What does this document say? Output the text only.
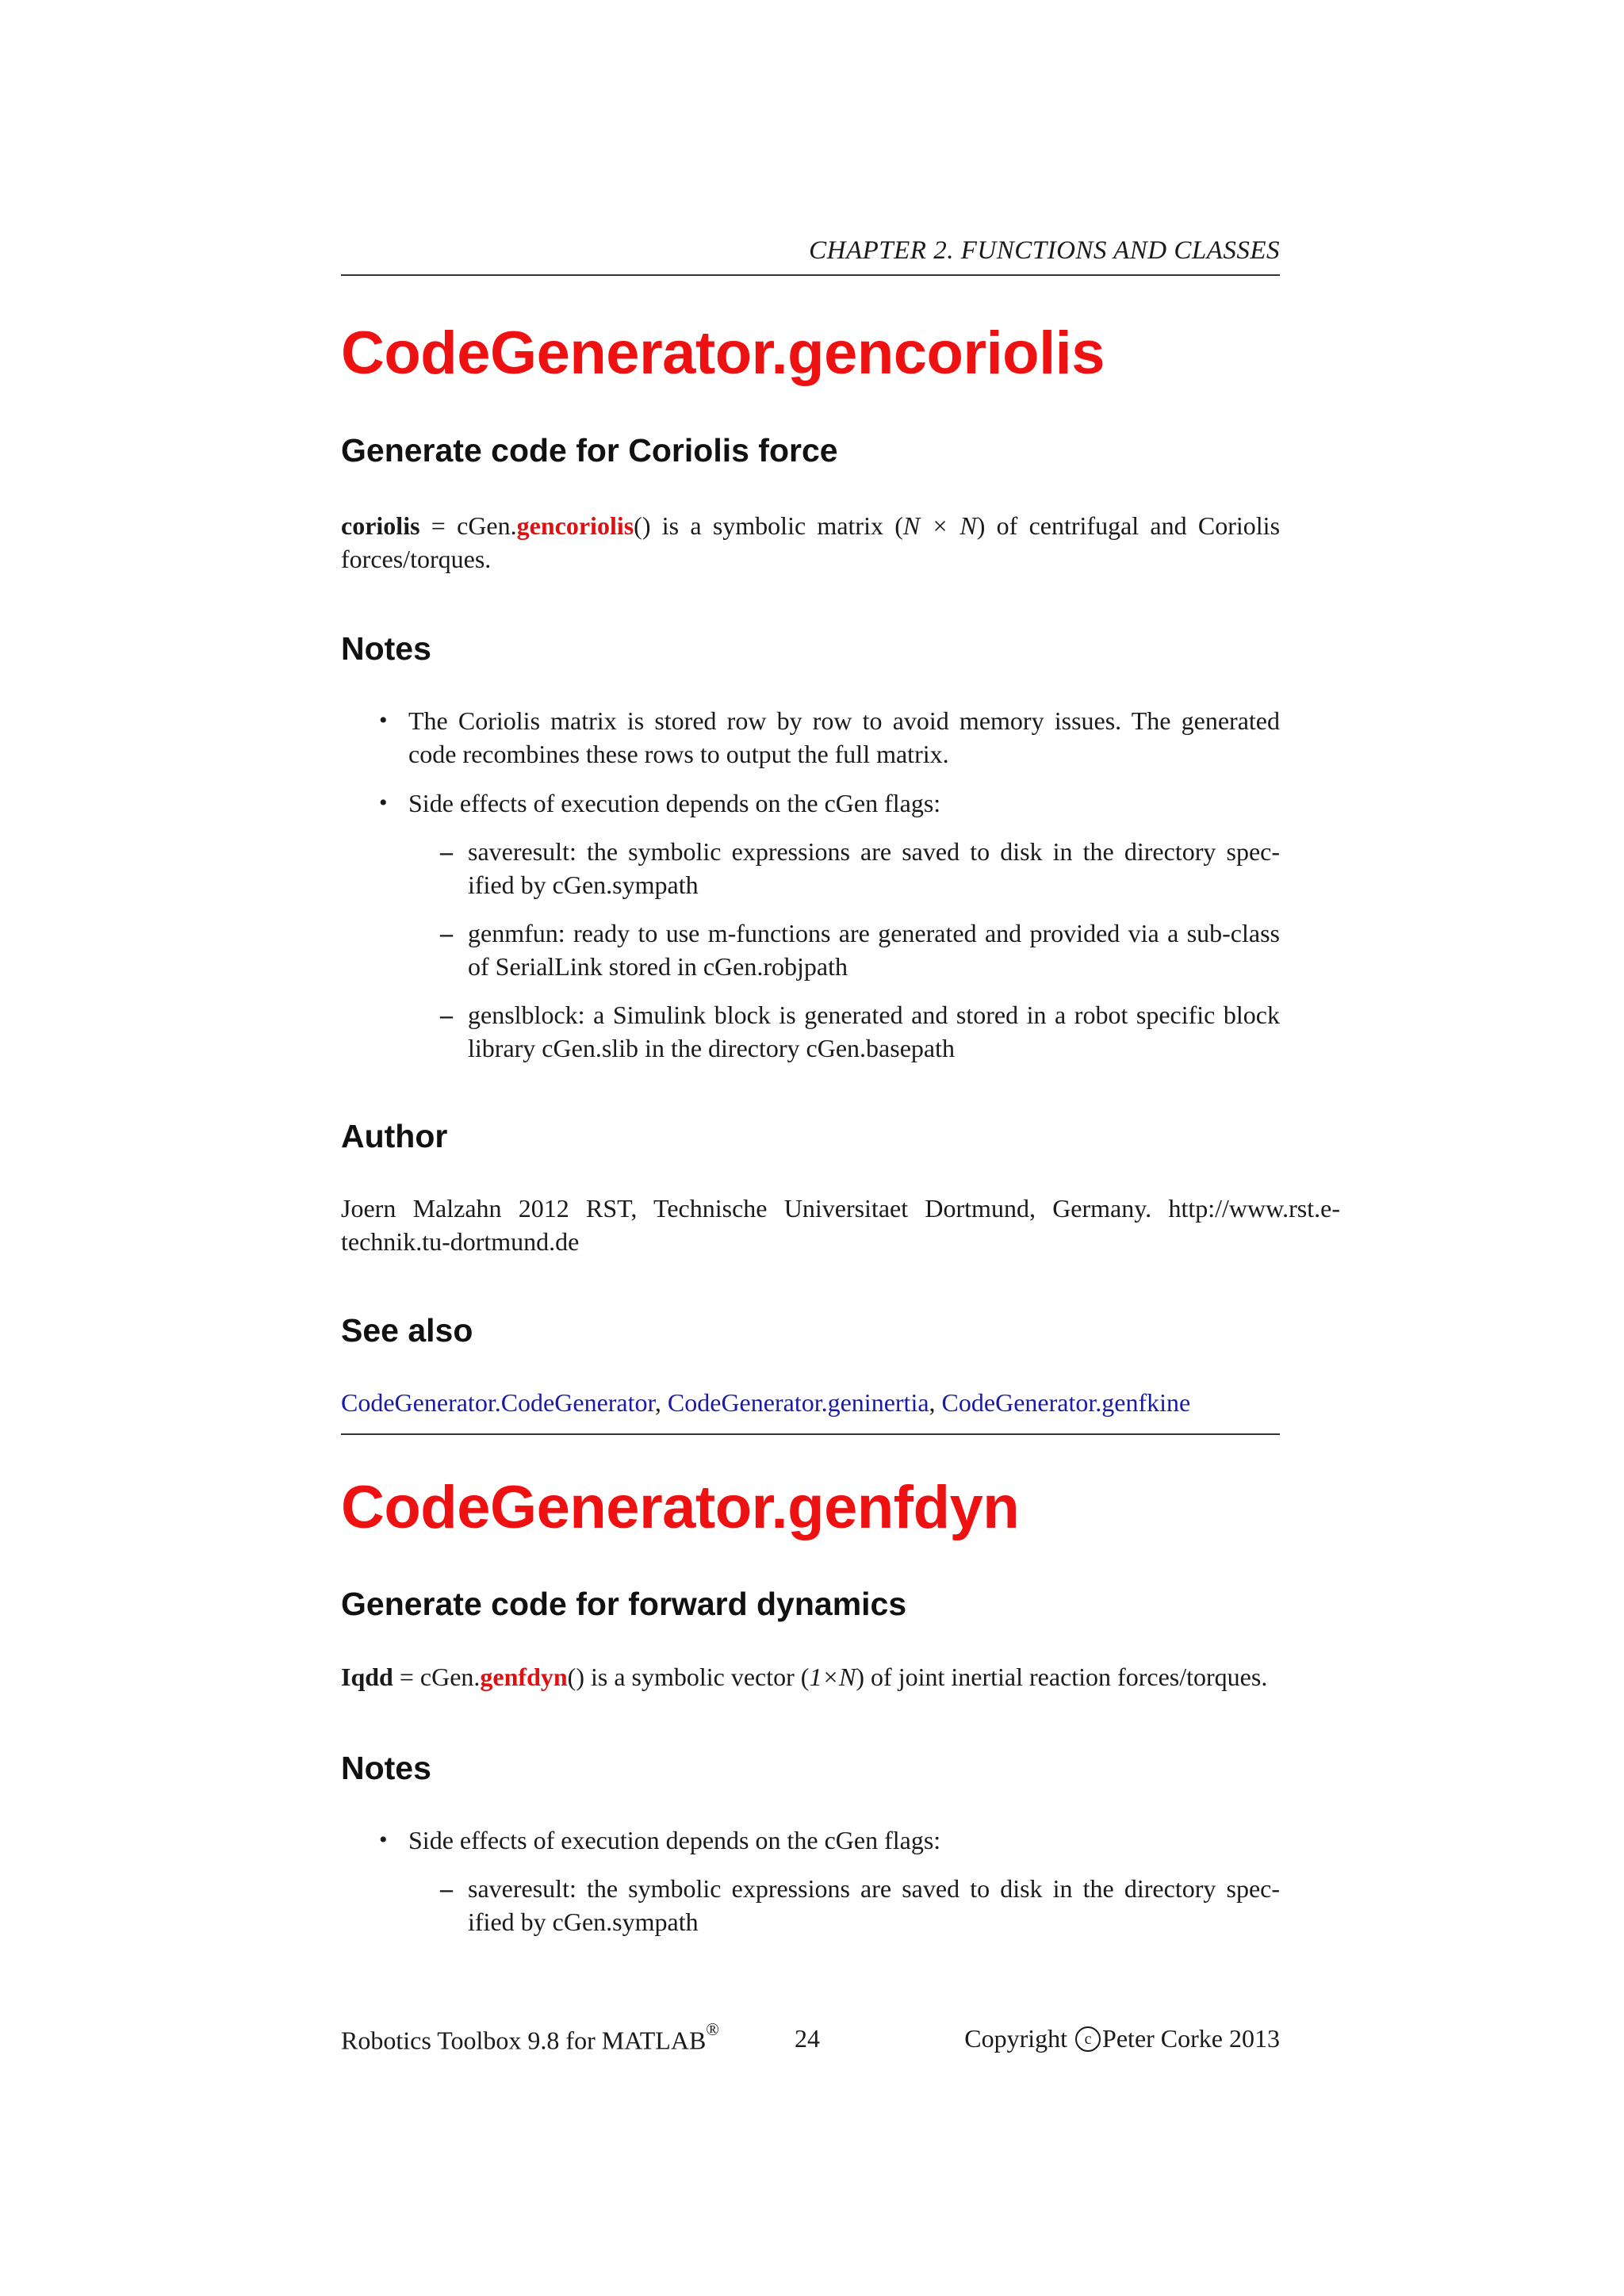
CHAPTER 2. FUNCTIONS AND CLASSES
CodeGenerator.gencoriolis
Generate code for Coriolis force

coriolis = cGen.gencoriolis() is a symbolic matrix (N × N) of centrifugal and Coriolis forces/torques.

Notes
• The Coriolis matrix is stored row by row to avoid memory issues. The generated code recombines these rows to output the full matrix.
• Side effects of execution depends on the cGen flags:
– saveresult: the symbolic expressions are saved to disk in the directory spec-ified by cGen.sympath
– genmfun: ready to use m-functions are generated and provided via a sub-class of SerialLink stored in cGen.robjpath
– genslblock: a Simulink block is generated and stored in a robot specific block library cGen.slib in the directory cGen.basepath
Author

Joern Malzahn 2012 RST, Technische Universitaet Dortmund, Germany. http://www.rst.e-technik.tu-dortmund.de

See also

CodeGenerator.CodeGenerator, CodeGenerator.geninertia, CodeGenerator.genfkine

CodeGenerator.genfdyn
Generate code for forward dynamics

Iqdd = cGen.genfdyn() is a symbolic vector (1×N) of joint inertial reaction forces/torques.

Notes
• Side effects of execution depends on the cGen flags:
– saveresult: the symbolic expressions are saved to disk in the directory spec-ified by cGen.sympath
Robotics Toolbox 9.8 for MATLAB®	24	Copyright c Peter Corke 2013
